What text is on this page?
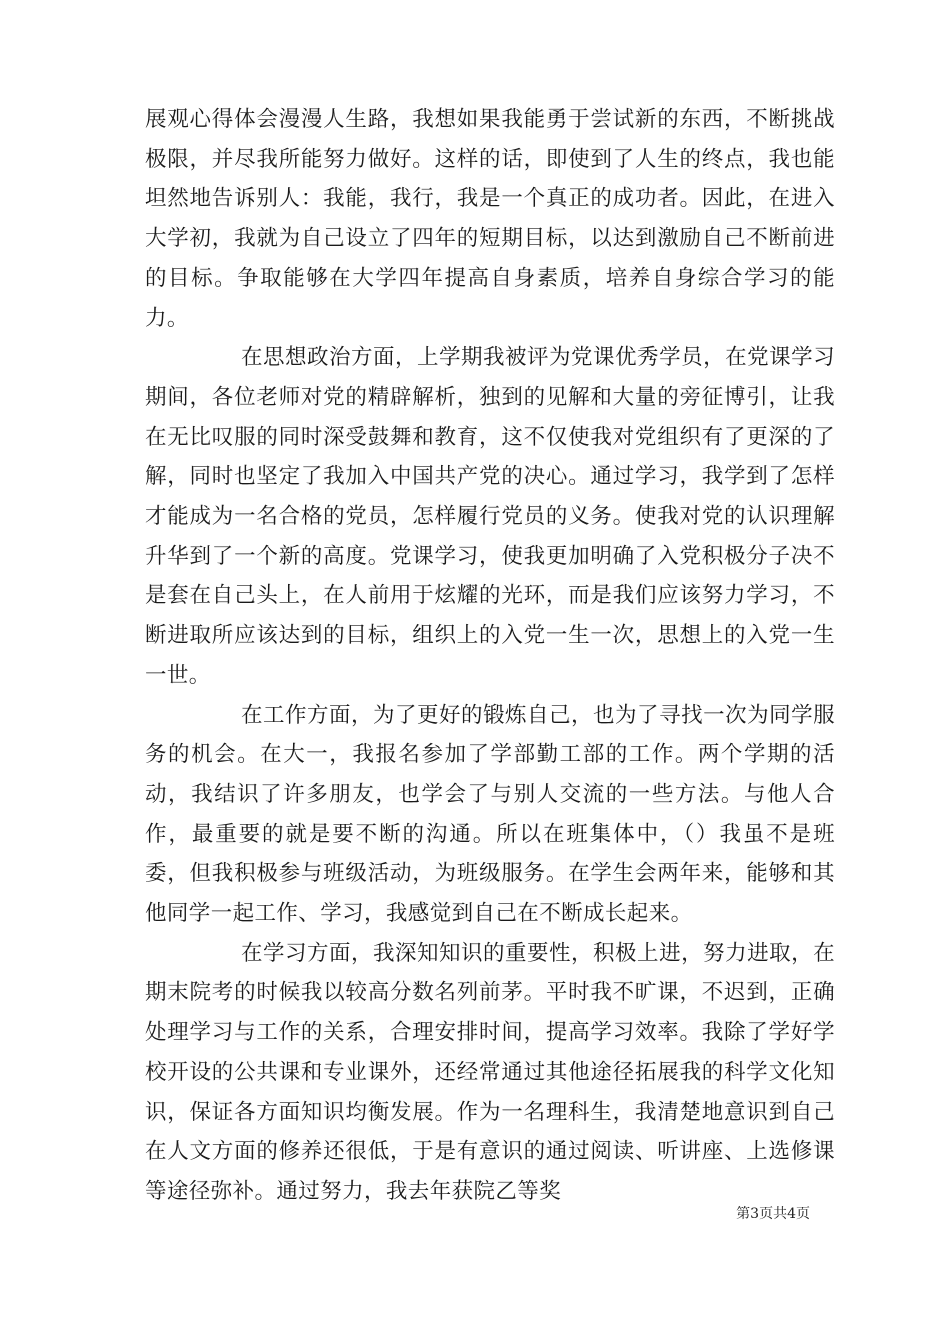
展观心得体会漫漫人生路，我想如果我能勇于尝试新的东西，不断挑战极限，并尽我所能努力做好。这样的话，即使到了人生的终点，我也能坦然地告诉别人：我能，我行，我是一个真正的成功者。因此，在进入大学初，我就为自己设立了四年的短期目标，以达到激励自己不断前进的目标。争取能够在大学四年提高自身素质，培养自身综合学习的能力。

在思想政治方面，上学期我被评为党课优秀学员，在党课学习期间，各位老师对党的精辟解析，独到的见解和大量的旁征博引，让我在无比叹服的同时深受鼓舞和教育，这不仅使我对党组织有了更深的了解，同时也坚定了我加入中国共产党的决心。通过学习，我学到了怎样才能成为一名合格的党员，怎样履行党员的义务。使我对党的认识理解升华到了一个新的高度。党课学习，使我更加明确了入党积极分子决不是套在自己头上，在人前用于炫耀的光环，而是我们应该努力学习，不断进取所应该达到的目标，组织上的入党一生一次，思想上的入党一生一世。

在工作方面，为了更好的锻炼自己，也为了寻找一次为同学服务的机会。在大一，我报名参加了学部勤工部的工作。两个学期的活动，我结识了许多朋友，也学会了与别人交流的一些方法。与他人合作，最重要的就是要不断的沟通。所以在班集体中，（）我虽不是班委，但我积极参与班级活动，为班级服务。在学生会两年来，能够和其他同学一起工作、学习，我感觉到自己在不断成长起来。

在学习方面，我深知知识的重要性，积极上进，努力进取，在期末院考的时候我以较高分数名列前茅。平时我不旷课，不迟到，正确处理学习与工作的关系，合理安排时间，提高学习效率。我除了学好学校开设的公共课和专业课外，还经常通过其他途径拓展我的科学文化知识，保证各方面知识均衡发展。作为一名理科生，我清楚地意识到自己在人文方面的修养还很低，于是有意识的通过阅读、听讲座、上选修课等途径弥补。通过努力，我去年获院乙等奖

第3页共4页
